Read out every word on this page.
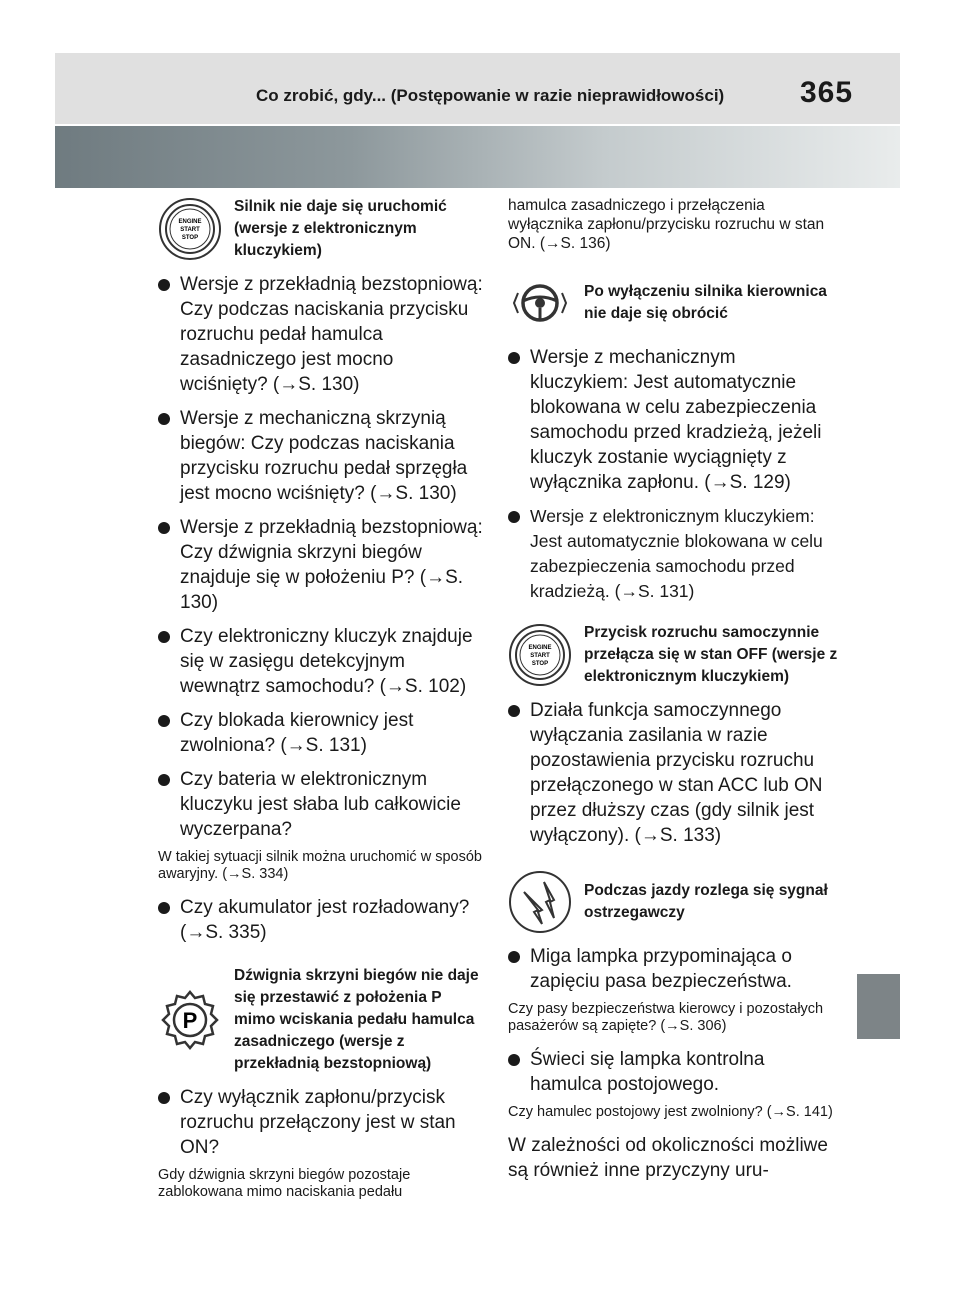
Co zrobić, gdy... (Postępowanie w razie nieprawidłowości)	365
ENGINE
START
STOP
Silnik nie daje się uruchomić (wersje z elektronicznym kluczykiem)
Wersje z przekładnią bezstopniową: Czy podczas naciskania przycisku rozruchu pedał hamulca zasadniczego jest mocno wciśnięty? (→S. 130)
Wersje z mechaniczną skrzynią biegów: Czy podczas naciskania przycisku rozruchu pedał sprzęgła jest mocno wciśnięty? (→S. 130)
Wersje z przekładnią bezstopniową: Czy dźwignia skrzyni biegów znajduje się w położeniu P? (→S. 130)
Czy elektroniczny kluczyk znajduje się w zasięgu detekcyjnym wewnątrz samochodu? (→S. 102)
Czy blokada kierownicy jest zwolniona? (→S. 131)
Czy bateria w elektronicznym kluczyku jest słaba lub całkowicie wyczerpana?
W takiej sytuacji silnik można uruchomić w sposób awaryjny. (→S. 334)
Czy akumulator jest rozładowany? (→S. 335)
P
Dźwignia skrzyni biegów nie daje się przestawić z położenia P mimo wciskania pedału hamulca zasadniczego (wersje z przekładnią bezstopniową)
Czy wyłącznik zapłonu/przycisk rozruchu przełączony jest w stan ON?
Gdy dźwignia skrzyni biegów pozostaje zablokowana mimo naciskania pedału
hamulca zasadniczego i przełączenia wyłącznika zapłonu/przycisku rozruchu w stan ON. (→S. 136)
Po wyłączeniu silnika kierownica nie daje się obrócić
Wersje z mechanicznym kluczykiem: Jest automatycznie blokowana w celu zabezpieczenia samochodu przed kradzieżą, jeżeli kluczyk zostanie wyciągnięty z wyłącznika zapłonu. (→S. 129)
Wersje z elektronicznym kluczykiem: Jest automatycznie blokowana w celu zabezpieczenia samochodu przed kradzieżą. (→S. 131)
ENGINE
START
STOP
Przycisk rozruchu samoczynnie przełącza się w stan OFF (wersje z elektronicznym kluczykiem)
Działa funkcja samoczynnego wyłączania zasilania w razie pozostawienia przycisku rozruchu przełączonego w stan ACC lub ON przez dłuższy czas (gdy silnik jest wyłączony). (→S. 133)
Podczas jazdy rozlega się sygnał ostrzegawczy
Miga lampka przypominająca o zapięciu pasa bezpieczeństwa.
Czy pasy bezpieczeństwa kierowcy i pozostałych pasażerów są zapięte? (→S. 306)
Świeci się lampka kontrolna hamulca postojowego.
Czy hamulec postojowy jest zwolniony? (→S. 141)
W zależności od okoliczności możliwe są również inne przyczyny uru-
